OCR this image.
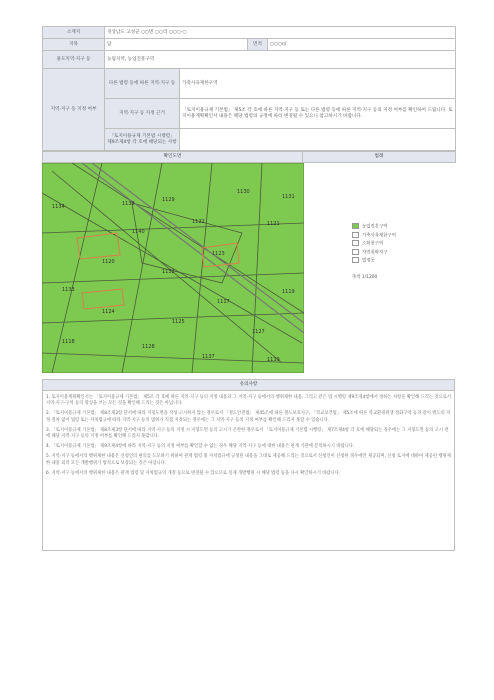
소재지	경상남도 고성군 ○○면 ○○리 ○○○-○			
지목	답		면적	○○○㎡
용도지역·지구 등	농림지역, 농업진흥구역			
지역·지구 등 지정 여부	다른 법령 등에 따른 지역·지구 등	가축사육제한구역		
	지역·지구 등 지정 근거	「토지이용규제 기본법」 제5조 각 호에 따른 지역·지구 등 또는 다른 법령 등에 따른 지역·지구 등의 지정 여부를 확인하여 드립니다. 토지이용계획확인서 내용은 해당 법령의 규정에 따라 변경될 수 있으니 참고하시기 바랍니다.		
	「토지이용규제 기본법 시행령」 제9조제4항 각 호에 해당되는 사항			
확인도면	범례
1134	1138
1129
1130
1131
1122	1121
1120
1123
1132
1133
1117
1119
1124
1125
1127
1128
1118
1137	1139
1140
농업진흥구역
가축사육제한구역
소하천구역
자연취락지구
법정동
축척 1/1200
유의사항

1. 토지이용계획확인서는 「토지이용규제 기본법」 제5조 각 호에 따른 지역·지구 등의 지정 내용과 그 지역·지구 등에서의 행위제한 내용, 그리고 같은 법 시행령 제9조제4항에서 정하는 사항을 확인해 드리는 것으로서 지역·지구·구역 등의 명칭을 쓰는 모든 것을 확인해 드리는 것은 아닙니다.

2. 「토지이용규제 기본법」 제8조제2항 단서에 따라 지형도면을 작성·고시하지 않는 경우로서 「철도안전법」 제45조에 따른 철도보호지구, 「학교보건법」 제5조에 따른 학교환경위생 정화구역 등과 같이 별도의 지정 절차 없이 법령 또는 자치법규에 따라 지역·지구 등의 범위가 직접 지정되는 경우에는 그 지역·지구 등의 지정 여부를 확인해 드리지 못할 수 있습니다.

3. 「토지이용규제 기본법」 제8조제3항 단서에 따라 지역·지구 등의 지정 시 지형도면 등의 고시가 곤란한 경우로서 「토지이용규제 기본법 시행령」 제7조제4항 각 호에 해당되는 경우에는 그 지형도면 등의 고시 전에 해당 지역·지구 등의 지정 여부를 확인해 드리지 못합니다.

4. 「토지이용규제 기본법」 제9조제4항에 따라 지역·지구 등의 지정 여부를 확인할 수 없는 경우 해당 지역·지구 등에 대한 내용은 관계 기관에 문의하시기 바랍니다.

5. 지역·지구 등에서의 행위제한 내용은 신청인의 편의를 도모하기 위하여 관계 법령 및 자치법규에 규정된 내용을 그대로 제공해 드리는 것으로서 신청인이 신청한 경우에만 제공되며, 신청 토지에 대하여 제공된 행위제한 내용 외의 모든 개발행위가 법적으로 보장되는 것은 아닙니다.

6. 지역·지구 등에서의 행위제한 내용은 관계 법령 및 자치법규의 개정 등으로 변경될 수 있으므로 실제 개발행위 시 해당 법령 등을 다시 확인하시기 바랍니다.
